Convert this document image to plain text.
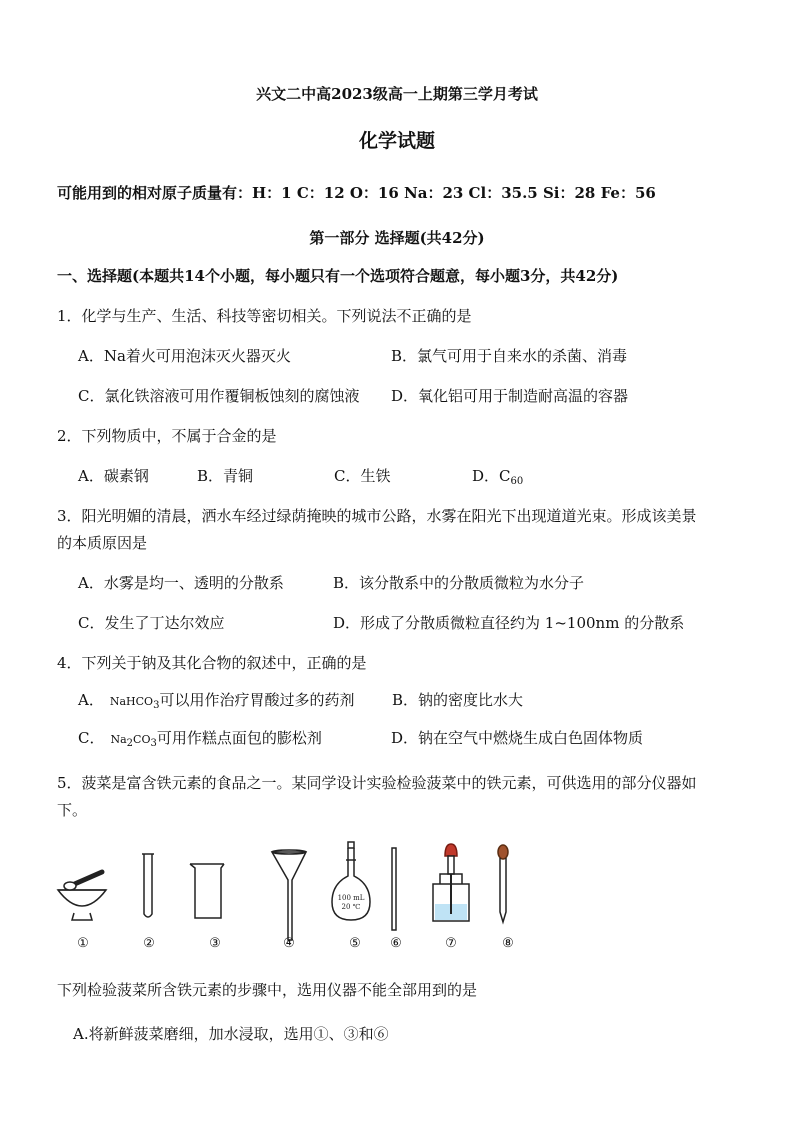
兴文二中高2023级高一上期第三学月考试
化学试题
可能用到的相对原子质量有：H：1 C：12 O：16 Na：23 Cl：35.5 Si：28 Fe：56
第一部分 选择题(共42分)
一、选择题(本题共14个小题，每小题只有一个选项符合题意，每小题3分，共42分)
1．化学与生产、生活、科技等密切相关。下列说法不正确的是
A．Na着火可用泡沫灭火器灭火	B．氯气可用于自来水的杀菌、消毒
C．氯化铁溶液可用作覆铜板蚀刻的腐蚀液 D．氧化铝可用于制造耐高温的容器
2．下列物质中，不属于合金的是
A．碳素钢	B．青铜	C．生铁	D．$C_{60}$
3．阳光明媚的清晨，洒水车经过绿荫掩映的城市公路，水雾在阳光下出现道道光束。形成该美景
的本质原因是
A．水雾是均一、透明的分散系	B．该分散系中的分散质微粒为水分子
C．发生了丁达尔效应	D．形成了分散质微粒直径约为 1~100nm 的分散系
4．下列关于钠及其化合物的叙述中，正确的是
A． NaHCO$_3$可以用作治疗胃酸过多的药剂	B．钠的密度比水大
C． $Na_2CO_3$可用作糕点面包的膨松剂	D．钠在空气中燃烧生成白色固体物质
5．菠菜是富含铁元素的食品之一。某同学设计实验检验菠菜中的铁元素，可供选用的部分仪器如
下。
100 mL
20 ℃
①	②	③	④	⑤	⑥	⑦	⑧
下列检验菠菜所含铁元素的步骤中，选用仪器不能全部用到的是
A.将新鲜菠菜磨细，加水浸取，选用①、③和⑥
